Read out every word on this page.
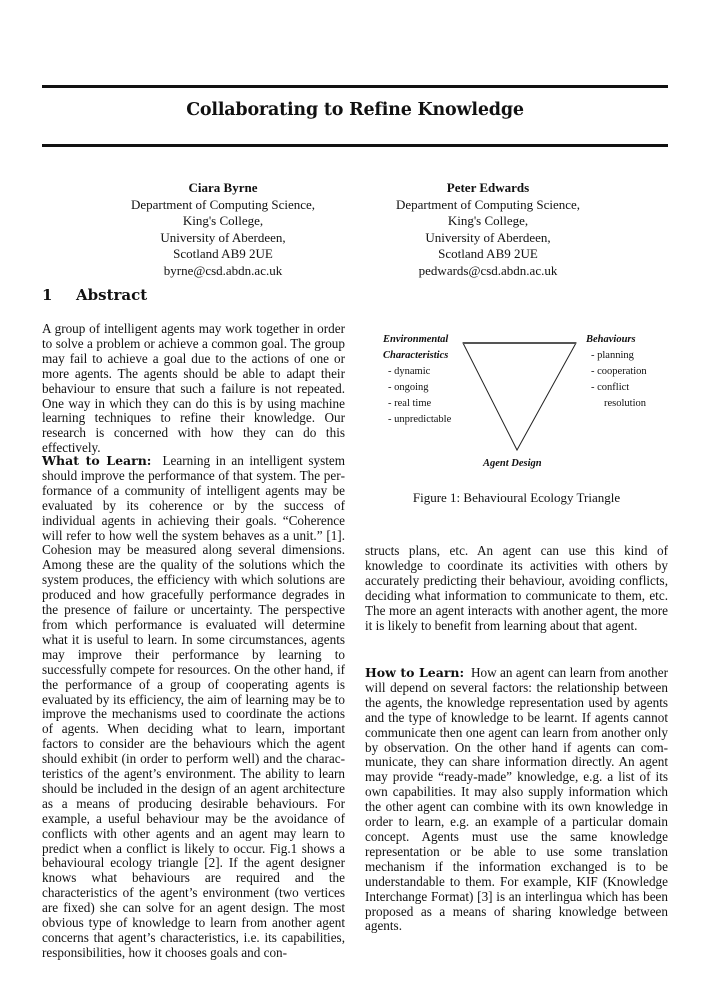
Collaborating to Refine Knowledge
Ciara Byrne
Department of Computing Science,
King's College,
University of Aberdeen,
Scotland AB9 2UE
byrne@csd.abdn.ac.uk
Peter Edwards
Department of Computing Science,
King's College,
University of Aberdeen,
Scotland AB9 2UE
pedwards@csd.abdn.ac.uk
1 Abstract
A group of intelligent agents may work together in order to solve a problem or achieve a common goal. The group may fail to achieve a goal due to the actions of one or more agents. The agents should be able to adapt their behaviour to ensure that such a failure is not repeated. One way in which they can do this is by using machine learning techniques to refine their knowledge. Our research is concerned with how they can do this effectively.
What to Learn: Learning in an intelligent system should improve the performance of that system. The performance of a community of intelligent agents may be evaluated by its coherence or by the success of individual agents in achieving their goals. “Coherence will refer to how well the system behaves as a unit.” [1]. Cohesion may be measured along several dimensions. Among these are the quality of the solutions which the system produces, the efficiency with which solutions are produced and how gracefully performance degrades in the presence of failure or uncertainty. The perspective from which performance is evaluated will determine what it is useful to learn. In some circumstances, agents may improve their performance by learning to successfully compete for resources. On the other hand, if the performance of a group of cooperating agents is evaluated by its efficiency, the aim of learning may be to improve the mechanisms used to coordinate the actions of agents. When deciding what to learn, important factors to consider are the behaviours which the agent should exhibit (in order to perform well) and the characteristics of the agent’s environment. The ability to learn should be included in the design of an agent architecture as a means of producing desirable behaviours. For example, a useful behaviour may be the avoidance of conflicts with other agents and an agent may learn to predict when a conflict is likely to occur. Fig.1 shows a behavioural ecology triangle [2]. If the agent designer knows what behaviours are required and the characteristics of the agent’s environment (two vertices are fixed) she can solve for an agent design. The most obvious type of knowledge to learn from another agent concerns that agent’s characteristics, i.e. its capabilities, responsibilities, how it chooses goals and con-
Environmental
Characteristics
- dynamic
- ongoing
- real time
- unpredictable
Behaviours
- planning
- cooperation
- conflict
resolution
Agent Design
Figure 1: Behavioural Ecology Triangle
structs plans, etc. An agent can use this kind of knowledge to coordinate its activities with others by accurately predicting their behaviour, avoiding conflicts, deciding what information to communicate to them, etc. The more an agent interacts with another agent, the more it is likely to benefit from learning about that agent.
How to Learn: How an agent can learn from another will depend on several factors: the relationship between the agents, the knowledge representation used by agents and the type of knowledge to be learnt. If agents cannot communicate then one agent can learn from another only by observation. On the other hand if agents can communicate, they can share information directly. An agent may provide “ready-made” knowledge, e.g. a list of its own capabilities. It may also supply information which the other agent can combine with its own knowledge in order to learn, e.g. an example of a particular domain concept. Agents must use the same knowledge representation or be able to use some translation mechanism if the information exchanged is to be understandable to them. For example, KIF (Knowledge Interchange Format) [3] is an interlingua which has been proposed as a means of sharing knowledge between agents.
